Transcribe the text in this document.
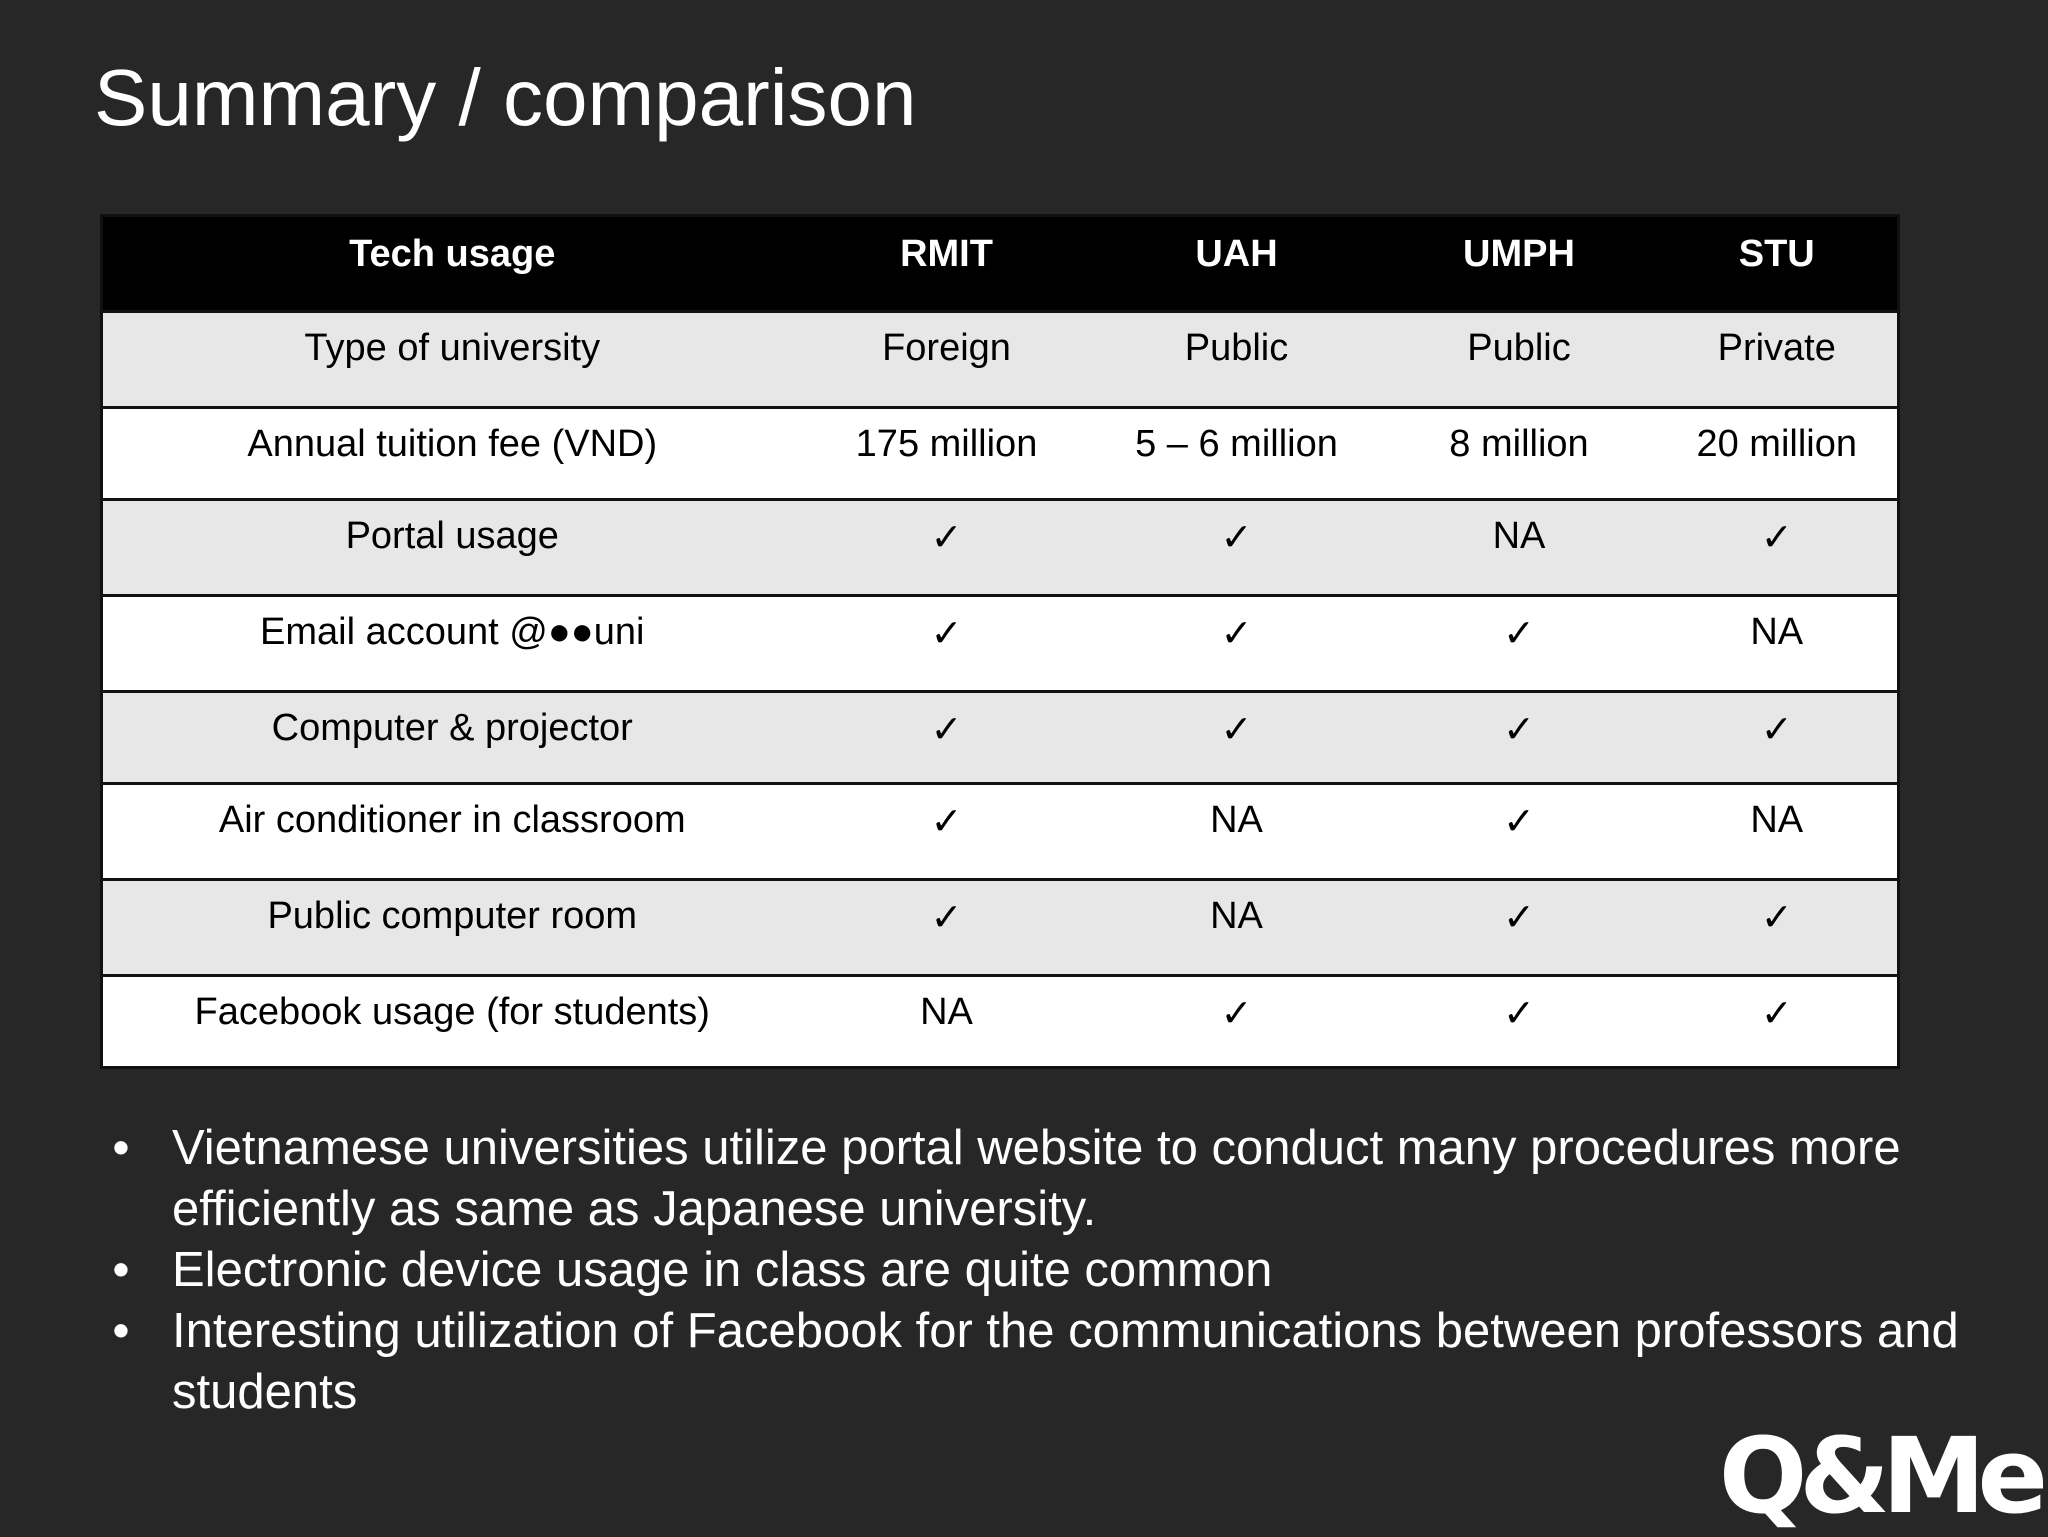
Summary / comparison
Tech usage	RMIT	UAH	UMPH	STU
Type of university	Foreign	Public	Public	Private
Annual tuition fee (VND)	175 million	5 – 6 million	8 million	20 million
Portal usage	✓	✓	NA	✓
Email account @●●uni	✓	✓	✓	NA
Computer & projector	✓	✓	✓	✓
Air conditioner in classroom	✓	NA	✓	NA
Public computer room	✓	NA	✓	✓
Facebook usage (for students)	NA	✓	✓	✓
• Vietnamese universities utilize portal website to conduct many procedures more efficiently as same as Japanese university.
• Electronic device usage in class are quite common
• Interesting utilization of Facebook for the communications between professors and students
Q&Me
